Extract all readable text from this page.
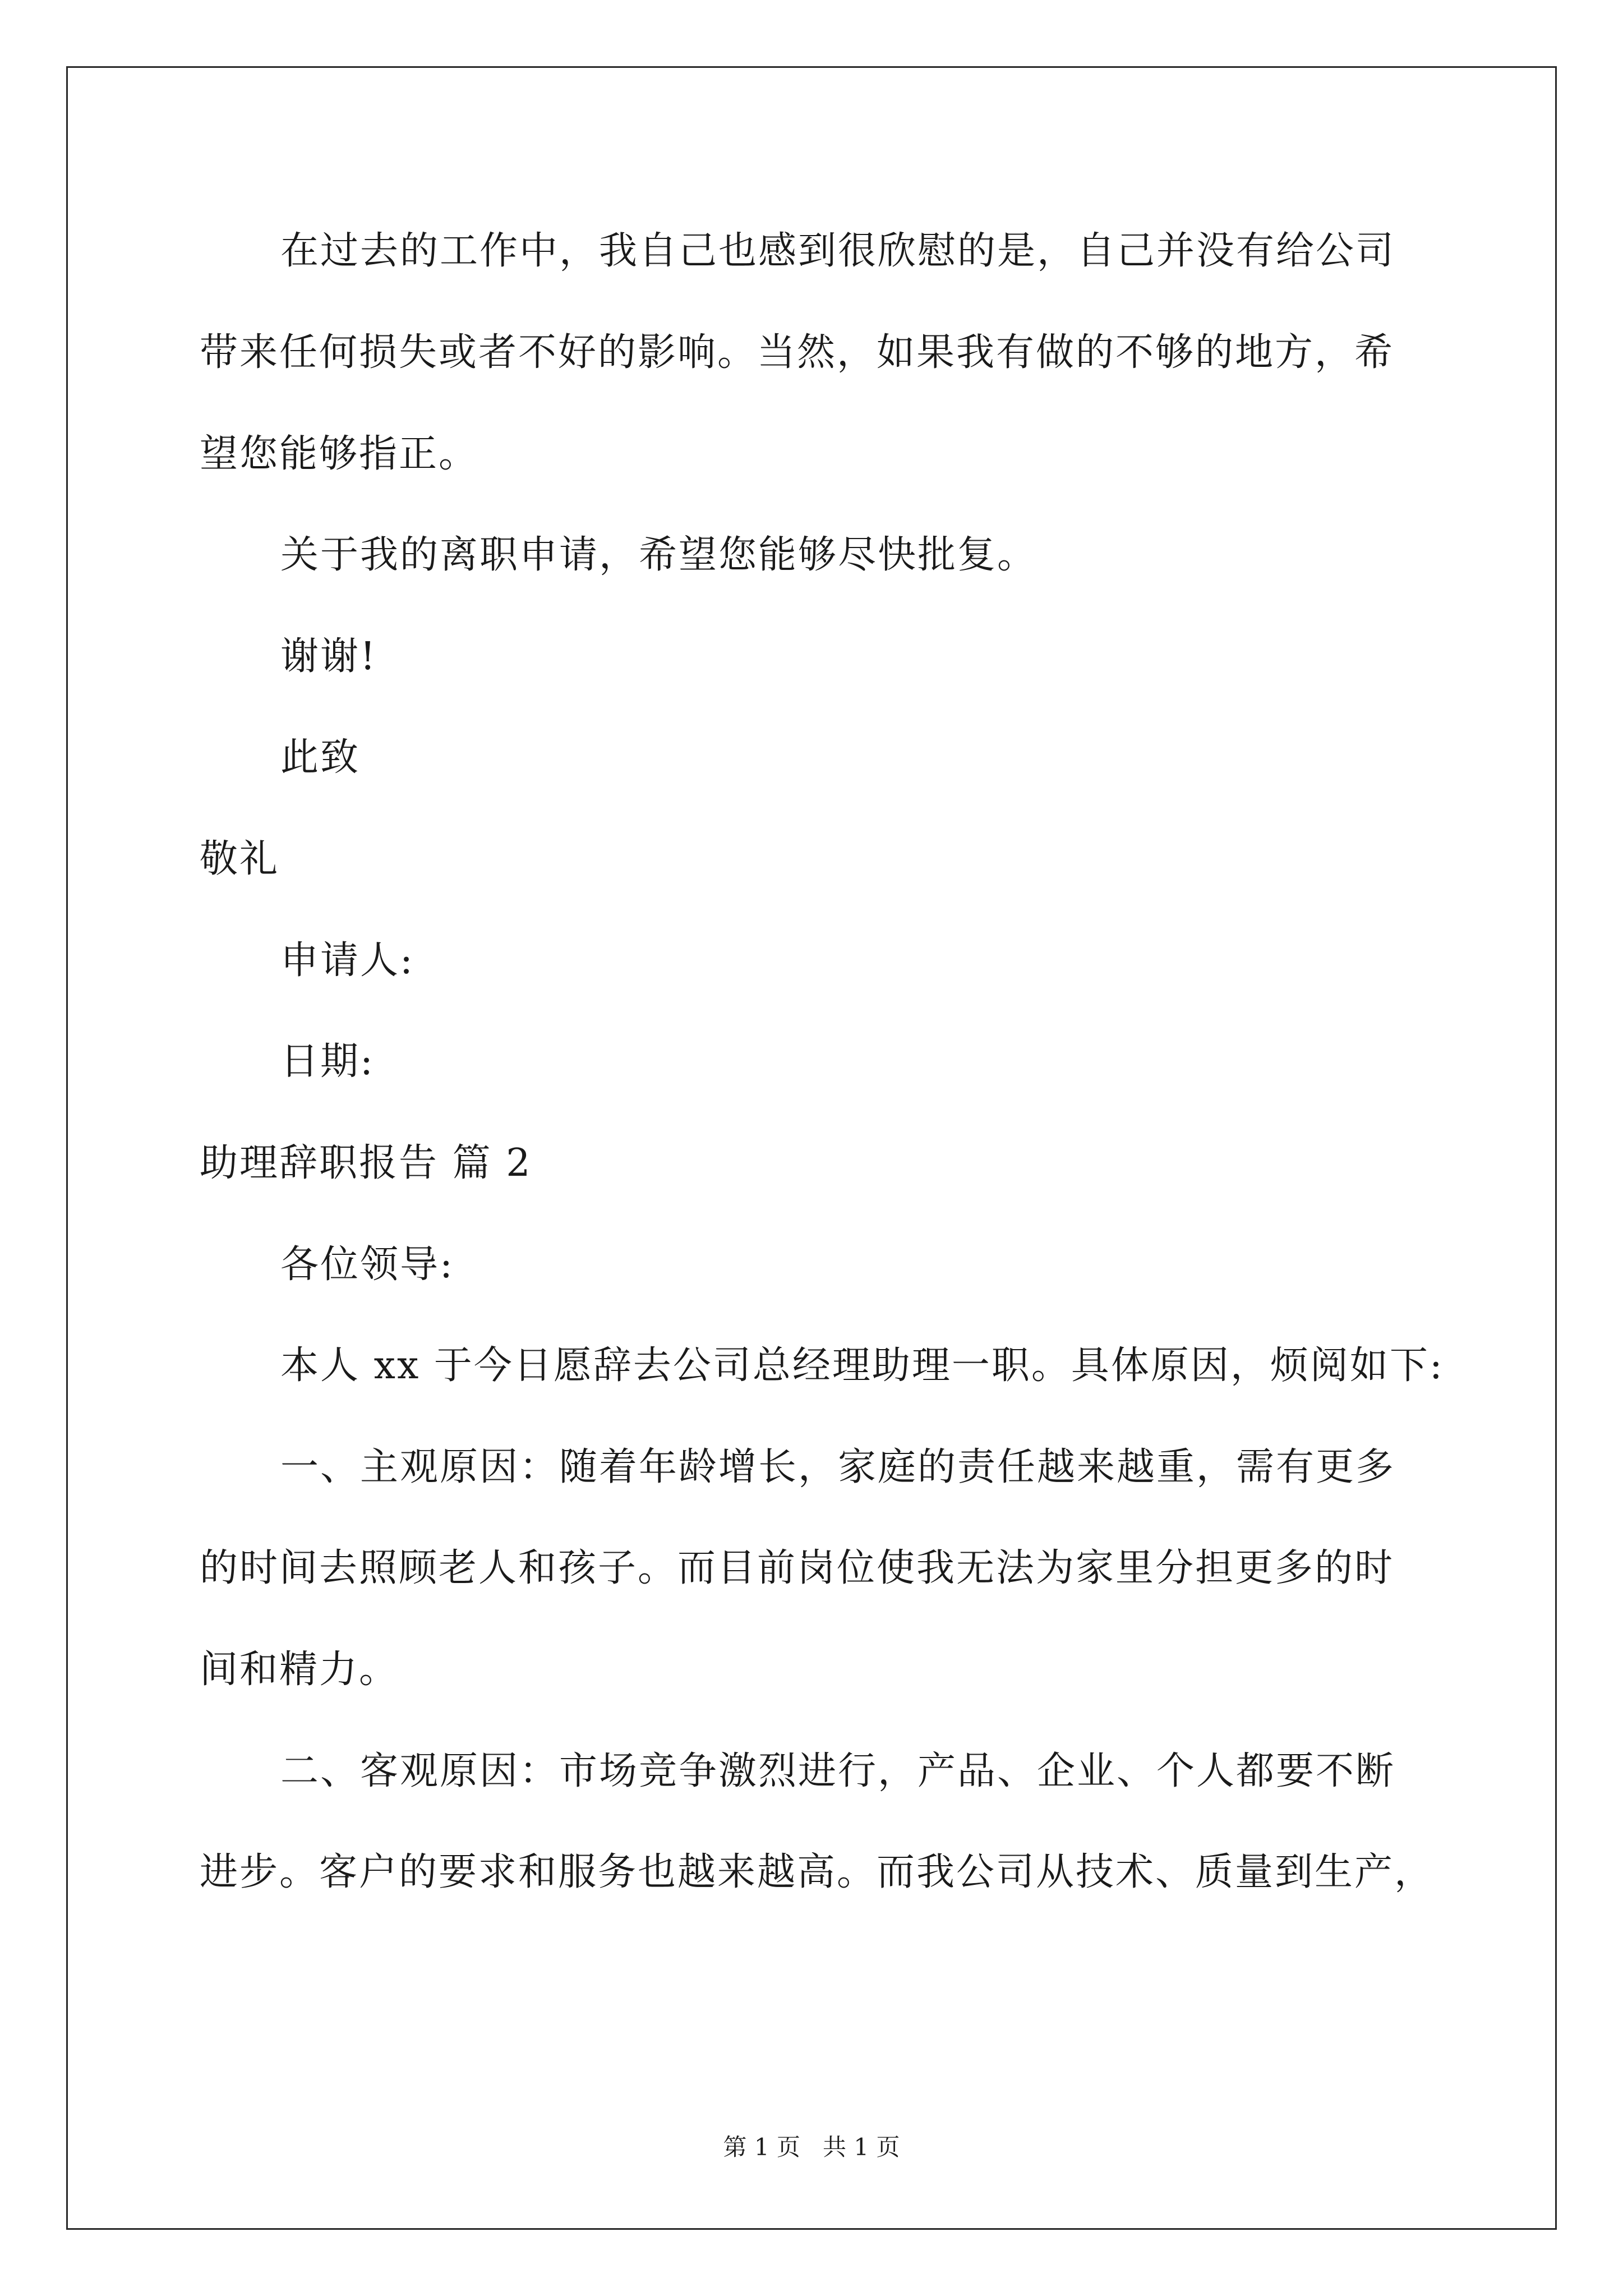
在过去的工作中，我自己也感到很欣慰的是，自己并没有给公司
带来任何损失或者不好的影响。当然，如果我有做的不够的地方，希
望您能够指正。
关于我的离职申请，希望您能够尽快批复。
谢谢!
此致
敬礼
申请人:
日期:
助理辞职报告 篇 2
各位领导:
本人 xx 于今日愿辞去公司总经理助理一职。具体原因，烦阅如下:
一、主观原因：随着年龄增长，家庭的责任越来越重，需有更多
的时间去照顾老人和孩子。而目前岗位使我无法为家里分担更多的时
间和精力。
二、客观原因：市场竞争激烈进行，产品、企业、个人都要不断
进步。客户的要求和服务也越来越高。而我公司从技术、质量到生产，
第 1 页   共 1 页
